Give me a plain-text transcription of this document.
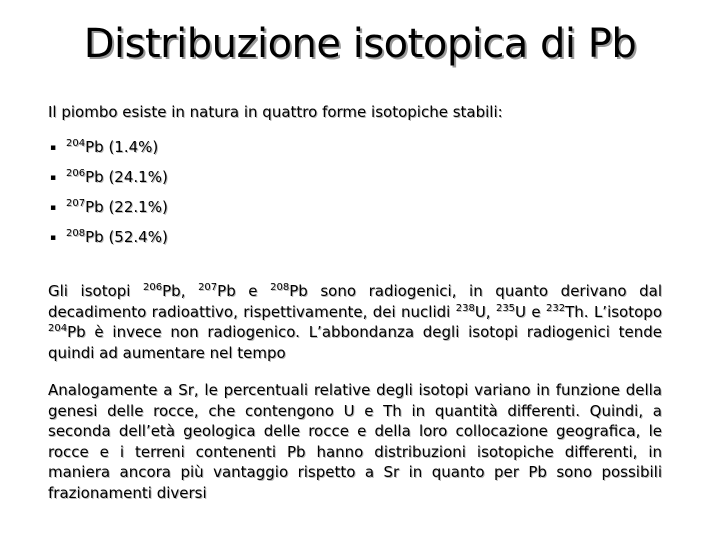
Distribuzione isotopica di Pb
Il piombo esiste in natura in quattro forme isotopiche stabili:
▪ $^{204}$Pb (1.4%)
▪ $^{206}$Pb (24.1%)
▪ $^{207}$Pb (22.1%)
▪ $^{208}$Pb (52.4%)

Gli isotopi $^{206}$Pb, $^{207}$Pb e $^{208}$Pb sono radiogenici, in quanto derivano dal decadimento radioattivo, rispettivamente, dei nuclidi $^{238}$U, $^{235}$U e $^{232}$Th. L’isotopo $^{204}$Pb è invece non radiogenico. L’abbondanza degli isotopi radiogenici tende quindi ad aumentare nel tempo

Analogamente a Sr, le percentuali relative degli isotopi variano in funzione della genesi delle rocce, che contengono U e Th in quantità differenti. Quindi, a seconda dell’età geologica delle rocce e della loro collocazione geografica, le rocce e i terreni contenenti Pb hanno distribuzioni isotopiche differenti, in maniera ancora più vantaggio rispetto a Sr in quanto per Pb sono possibili frazionamenti diversi
